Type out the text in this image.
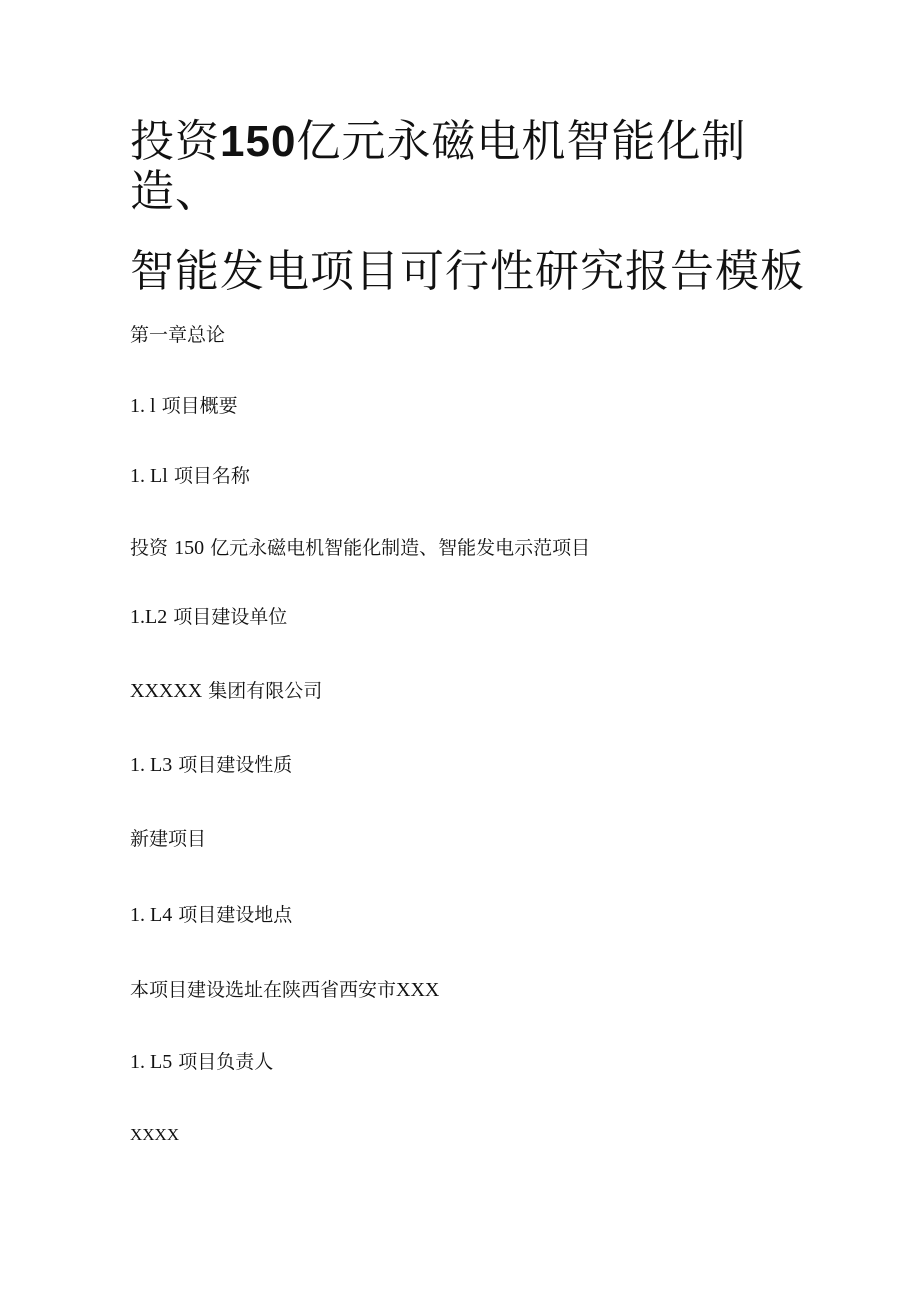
投资150亿元永磁电机智能化制
造、
智能发电项目可行性研究报告模板

第一章总论

1. l 项目概要

1. Ll 项目名称

投资 150 亿元永磁电机智能化制造、智能发电示范项目

1.L2 项目建设单位

XXXXX 集团有限公司

1. L3 项目建设性质

新建项目

1. L4 项目建设地点

本项目建设选址在陕西省西安市XXX

1. L5 项目负责人

XXXX
